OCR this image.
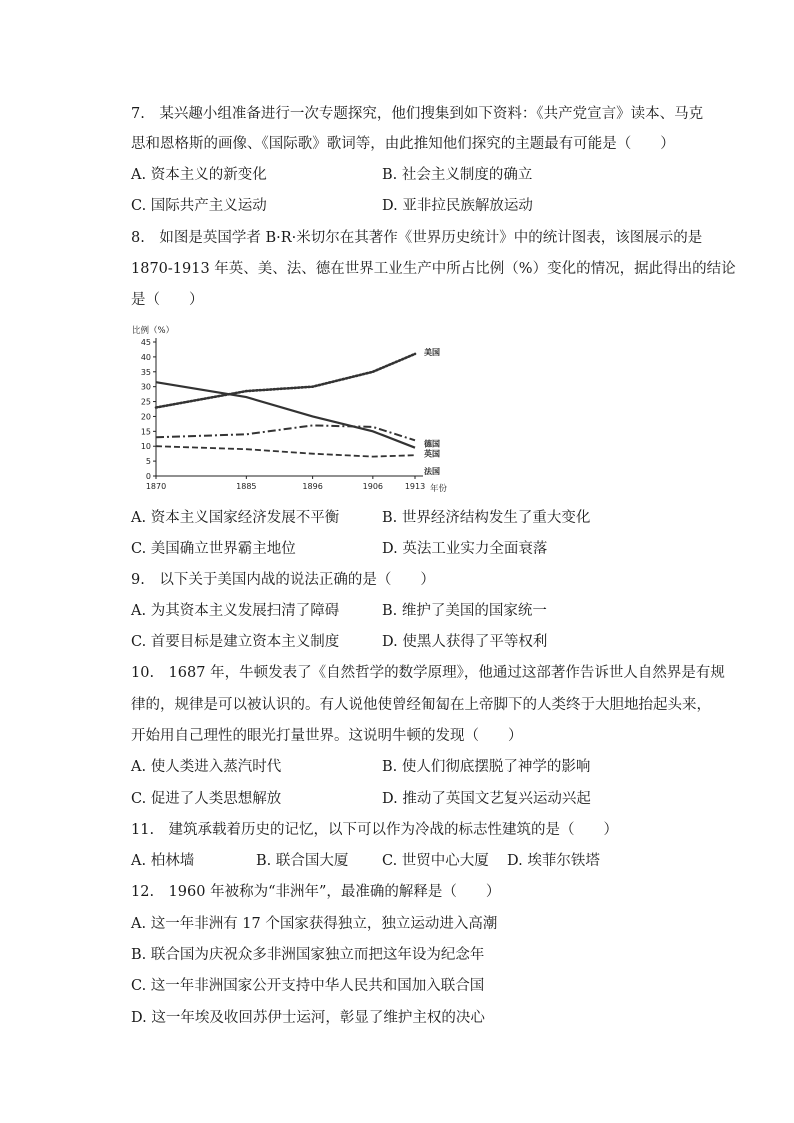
7.　某兴趣小组准备进行一次专题探究，他们搜集到如下资料：《共产党宣言》读本、马克
思和恩格斯的画像、《国际歌》歌词等，由此推知他们探究的主题最有可能是（　　）
A. 资本主义的新变化	B. 社会主义制度的确立
C. 国际共产主义运动	D. 亚非拉民族解放运动
8.　如图是英国学者 B·R·米切尔在其著作《世界历史统计》中的统计图表，该图展示的是
1870-1913 年英、美、法、德在世界工业生产中所占比例（%）变化的情况，据此得出的结论
是（　　）
比例（%）
年份
0
5
10
15
20
25
30
35
40
45
1870	1885	1896	1906	1913
美国
德国
英国
法国
A. 资本主义国家经济发展不平衡	B. 世界经济结构发生了重大变化
C. 美国确立世界霸主地位	D. 英法工业实力全面衰落
9.　以下关于美国内战的说法正确的是（　　）
A. 为其资本主义发展扫清了障碍	B. 维护了美国的国家统一
C. 首要目标是建立资本主义制度	D. 使黑人获得了平等权利
10.　1687 年，牛顿发表了《自然哲学的数学原理》，他通过这部著作告诉世人自然界是有规
律的，规律是可以被认识的。有人说他使曾经匍匐在上帝脚下的人类终于大胆地抬起头来，
开始用自己理性的眼光打量世界。这说明牛顿的发现（　　）
A. 使人类进入蒸汽时代	B. 使人们彻底摆脱了神学的影响
C. 促进了人类思想解放	D. 推动了英国文艺复兴运动兴起
11.　建筑承载着历史的记忆，以下可以作为冷战的标志性建筑的是（　　）
A. 柏林墙	B. 联合国大厦 C. 世贸中心大厦 D. 埃菲尔铁塔
12.　1960 年被称为“非洲年”，最准确的解释是（　　）
A. 这一年非洲有 17 个国家获得独立，独立运动进入高潮
B. 联合国为庆祝众多非洲国家独立而把这年设为纪念年
C. 这一年非洲国家公开支持中华人民共和国加入联合国
D. 这一年埃及收回苏伊士运河，彰显了维护主权的决心
